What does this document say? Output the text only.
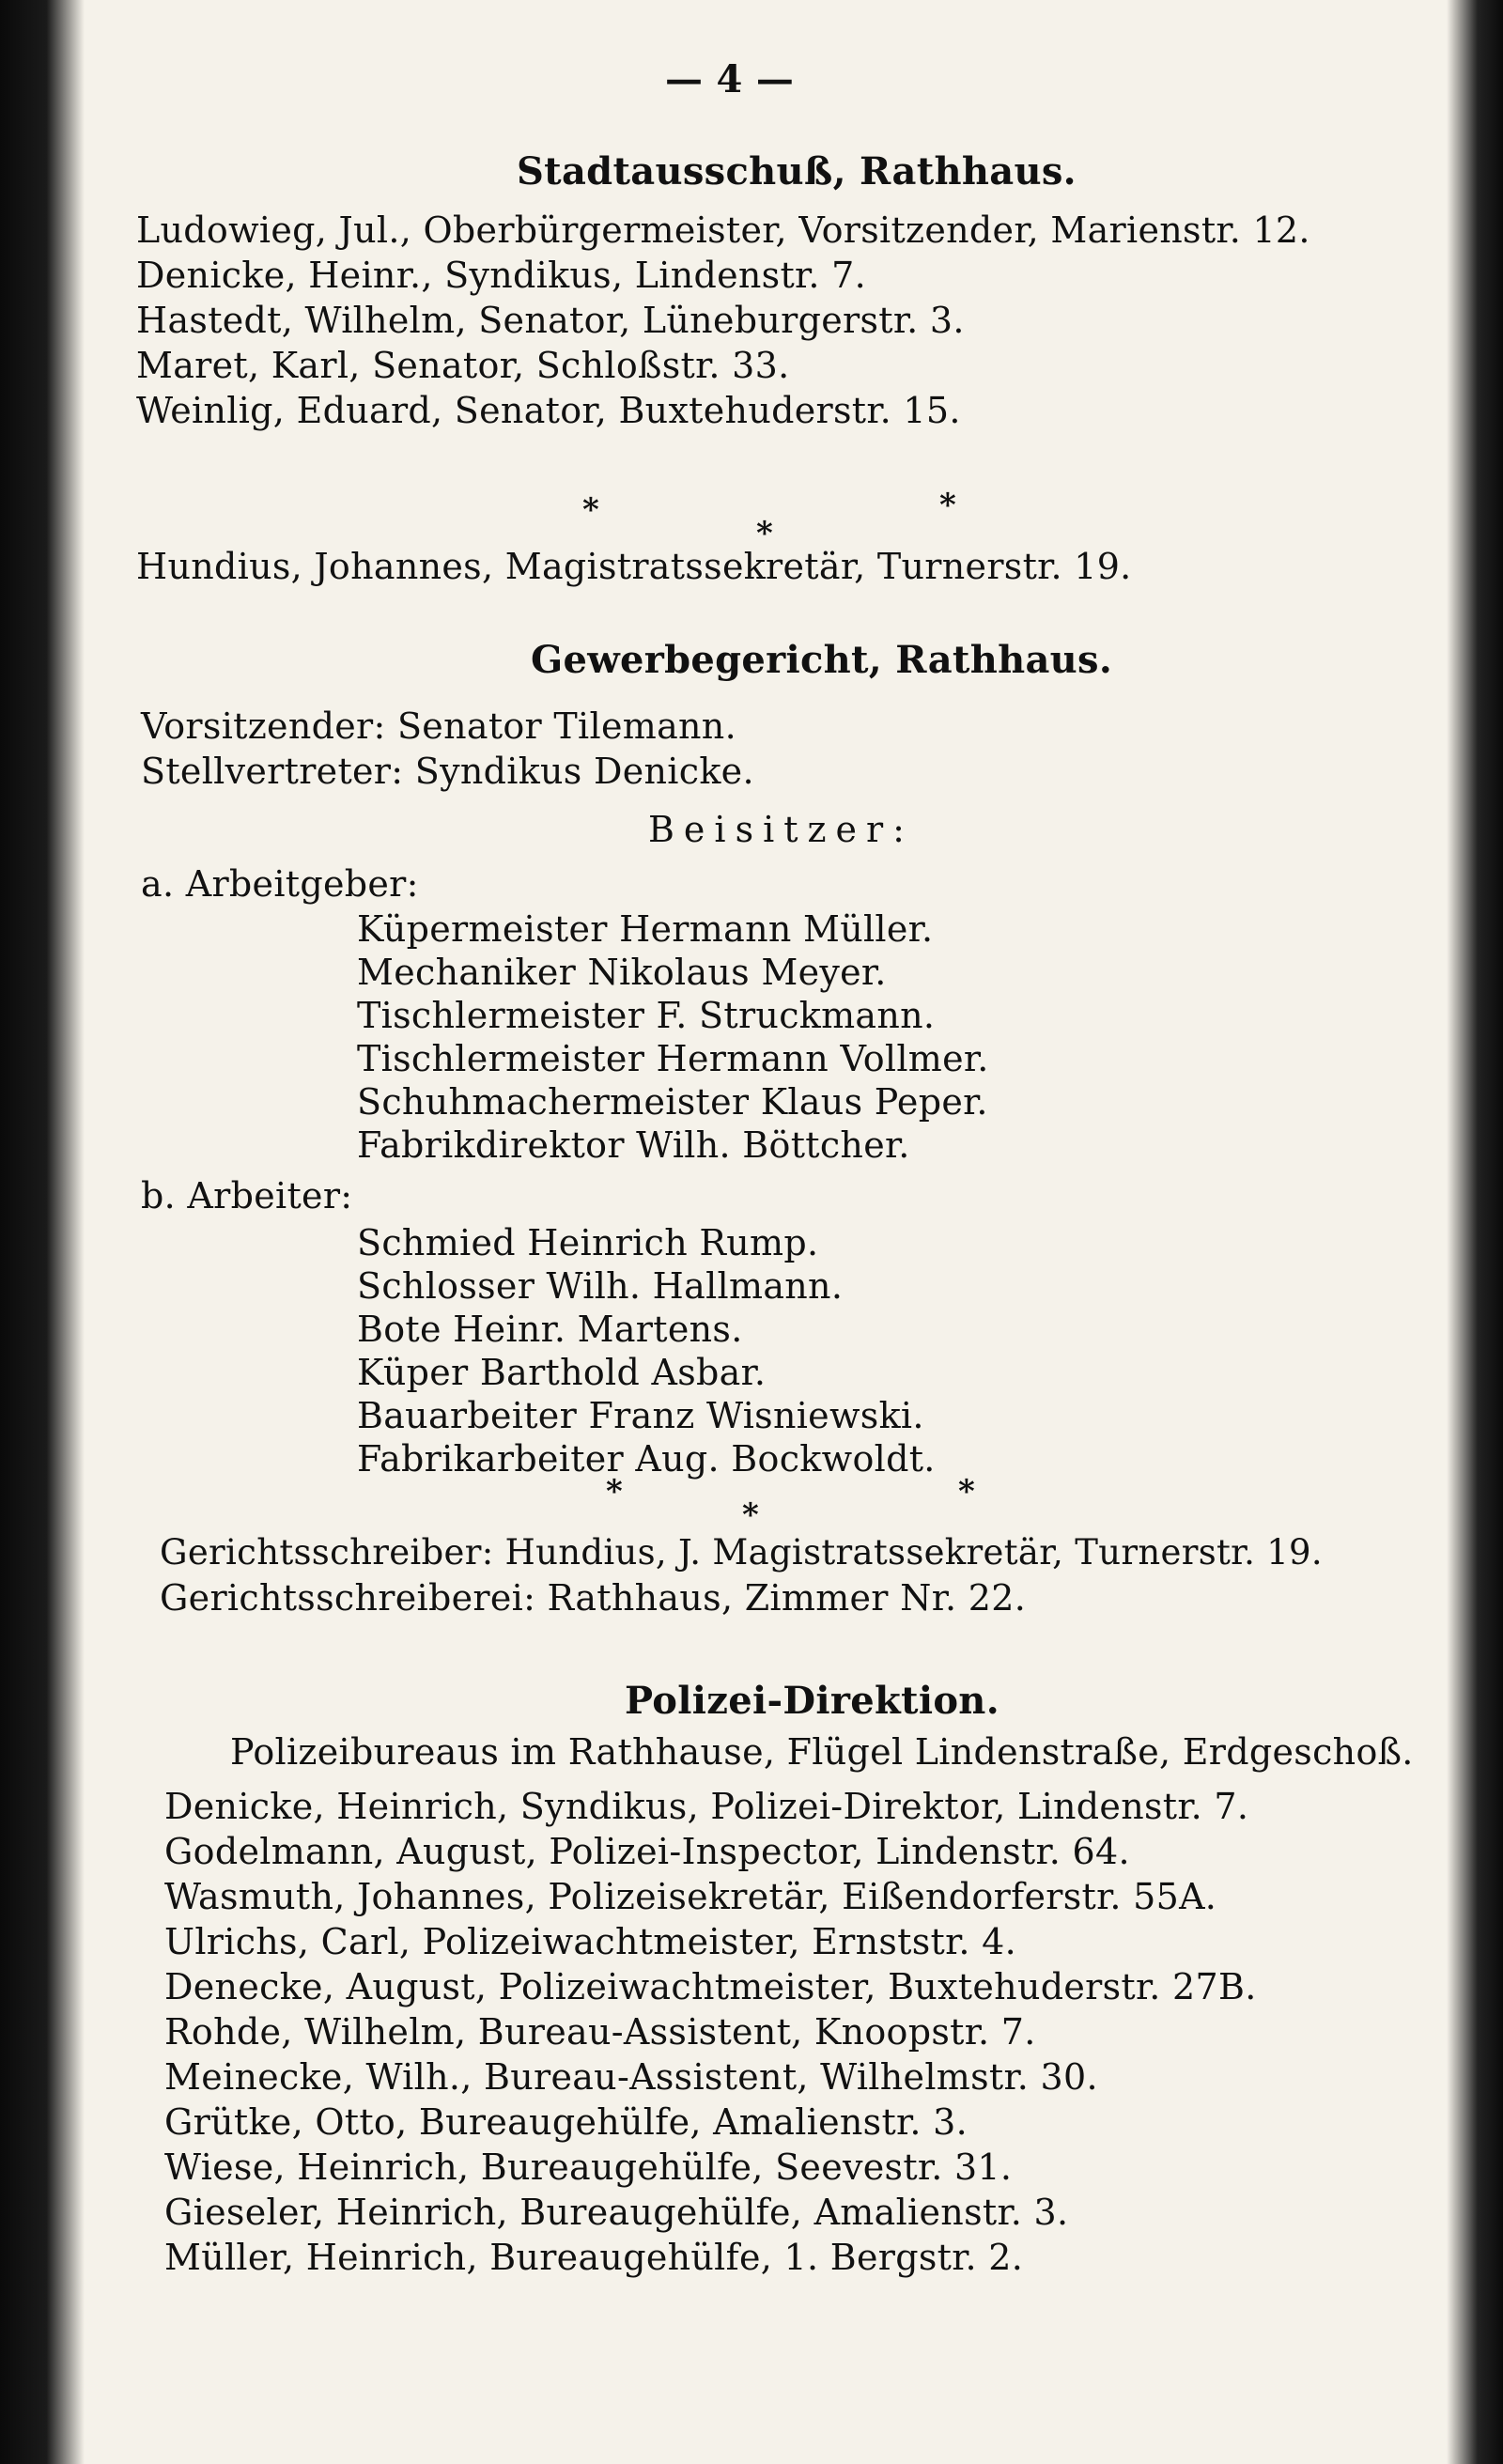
— 4 —
Stadtausschuß, Rathhaus.
Ludowieg, Jul., Oberbürgermeister, Vorsitzender, Marienstr. 12.
Denicke, Heinr., Syndikus, Lindenstr. 7.
Hastedt, Wilhelm, Senator, Lüneburgerstr. 3.
Maret, Karl, Senator, Schloßstr. 33.
Weinlig, Eduard, Senator, Buxtehuderstr. 15.
*
*
*
Hundius, Johannes, Magistratssekretär, Turnerstr. 19.
Gewerbegericht, Rathhaus.
Vorsitzender: Senator Tilemann.
Stellvertreter: Syndikus Denicke.
Beisitzer:
a. Arbeitgeber:
Küpermeister Hermann Müller.
Mechaniker Nikolaus Meyer.
Tischlermeister F. Struckmann.
Tischlermeister Hermann Vollmer.
Schuhmachermeister Klaus Peper.
Fabrikdirektor Wilh. Böttcher.
b. Arbeiter:
Schmied Heinrich Rump.
Schlosser Wilh. Hallmann.
Bote Heinr. Martens.
Küper Barthold Asbar.
Bauarbeiter Franz Wisniewski.
Fabrikarbeiter Aug. Bockwoldt.
*
*
*
Gerichtsschreiber: Hundius, J. Magistratssekretär, Turnerstr. 19.
Gerichtsschreiberei: Rathhaus, Zimmer Nr. 22.
Polizei-Direktion.
Polizeibureaus im Rathhause, Flügel Lindenstraße, Erdgeschoß.
Denicke, Heinrich, Syndikus, Polizei-Direktor, Lindenstr. 7.
Godelmann, August, Polizei-Inspector, Lindenstr. 64.
Wasmuth, Johannes, Polizeisekretär, Eißendorferstr. 55A.
Ulrichs, Carl, Polizeiwachtmeister, Ernststr. 4.
Denecke, August, Polizeiwachtmeister, Buxtehuderstr. 27B.
Rohde, Wilhelm, Bureau-Assistent, Knoopstr. 7.
Meinecke, Wilh., Bureau-Assistent, Wilhelmstr. 30.
Grütke, Otto, Bureaugehülfe, Amalienstr. 3.
Wiese, Heinrich, Bureaugehülfe, Seevestr. 31.
Gieseler, Heinrich, Bureaugehülfe, Amalienstr. 3.
Müller, Heinrich, Bureaugehülfe, 1. Bergstr. 2.
